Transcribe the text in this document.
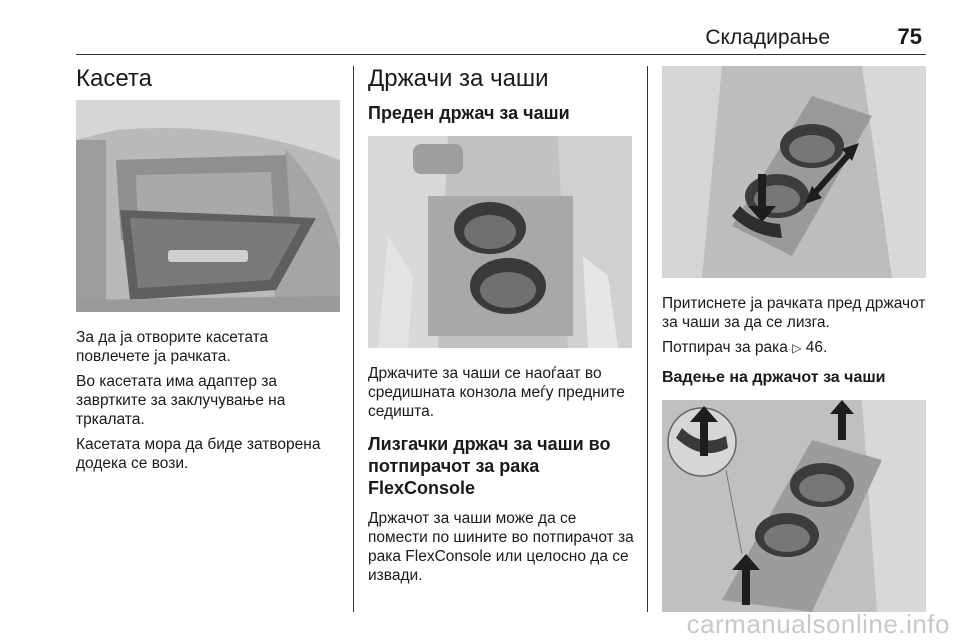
Складирање	75
Касета

За да ја отворите касетата повлечете ја рачката.

Во касетата има адаптер за завртките за заклучување на тркалата.

Касетата мора да биде затворена додека се вози.

Држачи за чаши
Преден држач за чаши

Држачите за чаши се наоѓаат во средишната конзола меѓу предните седишта.

Лизгачки држач за чаши во потпирачот за рака FlexConsole

Држачот за чаши може да се помести по шините во потпирачот за рака FlexConsole или целосно да се извади.

Притиснете ја рачката пред држачот за чаши за да се лизга.

Потпирач за рака ▷ 46.

Вадење на држачот за чаши
carmanualsonline.info
